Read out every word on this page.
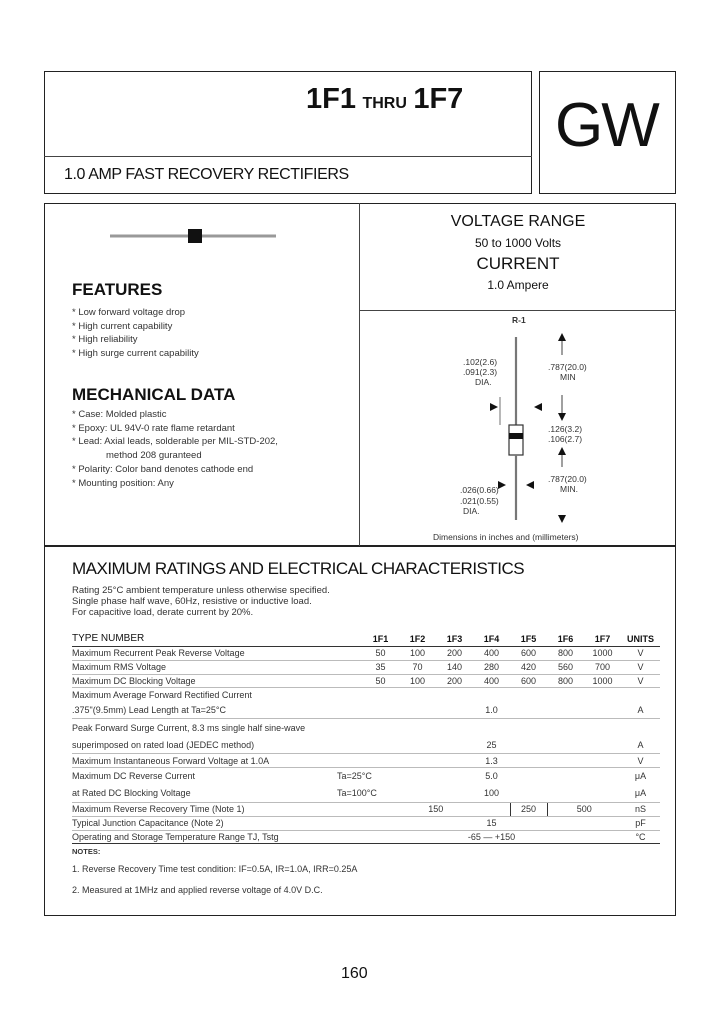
1F1 THRU 1F7
1.0 AMP FAST RECOVERY RECTIFIERS
GW
VOLTAGE RANGE
50 to 1000 Volts
CURRENT
1.0 Ampere
FEATURES
* Low forward voltage drop
* High current capability
* High reliability
* High surge current capability
MECHANICAL DATA
* Case: Molded plastic
* Epoxy: UL 94V-0 rate flame retardant
* Lead: Axial leads, solderable per MIL-STD-202,
method 208 guranteed
* Polarity: Color band denotes cathode end
* Mounting position: Any
R-1
.102(2.6)
.091(2.3)
DIA.
.787(20.0)
MIN
.126(3.2)
.106(2.7)
.787(20.0)
MIN.
.026(0.66)
.021(0.55)
DIA.
Dimensions in inches and (millimeters)
MAXIMUM RATINGS AND ELECTRICAL CHARACTERISTICS
Rating 25°C ambient temperature unless otherwise specified.
Single phase half wave, 60Hz, resistive or inductive load.
For capacitive load, derate current by 20%.
TYPE NUMBER	1F1	1F2	1F3	1F4	1F5	1F6	1F7	UNITS
Maximum Recurrent Peak Reverse Voltage	50	100	200	400	600	800	1000	V
Maximum RMS Voltage	35	70	140	280	420	560	700	V
Maximum DC Blocking Voltage	50	100	200	400	600	800	1000	V
Maximum Average Forward Rectified Current								
.375"(9.5mm) Lead Length at Ta=25°C	1.0							A
Peak Forward Surge Current, 8.3 ms single half sine-wave								
superimposed on rated load (JEDEC method)	25							A
Maximum Instantaneous Forward Voltage at 1.0A	1.3							V
Maximum DC Reverse Current Ta=25°C	5.0							μA
at Rated DC Blocking Voltage Ta=100°C	100							μA
Maximum Reverse Recovery Time (Note 1)	150				250	500		nS
Typical Junction Capacitance (Note 2)	15							pF
Operating and Storage Temperature Range TJ, Tstg	-65 — +150							°C
NOTES:
1. Reverse Recovery Time test condition: IF=0.5A, IR=1.0A, IRR=0.25A
2. Measured at 1MHz and applied reverse voltage of 4.0V D.C.
160
